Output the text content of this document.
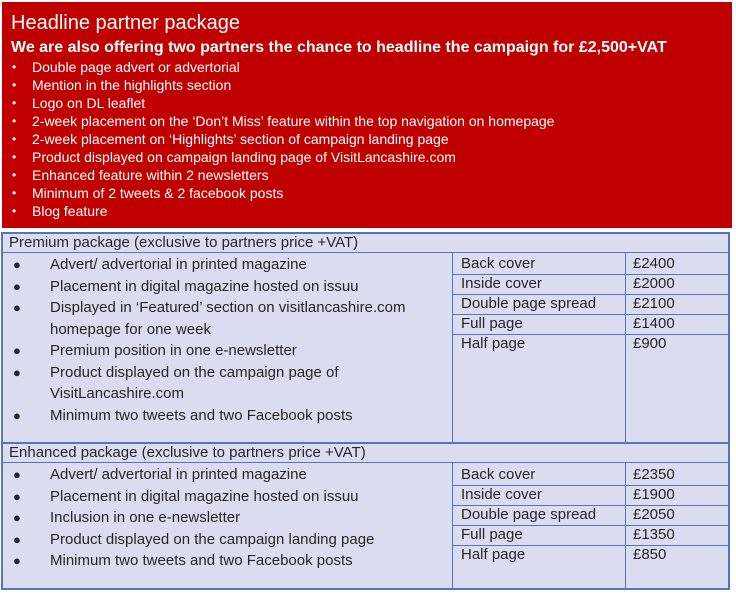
Headline partner package
We are also offering two partners the chance to headline the campaign for £2,500+VAT
• Double page advert or advertorial
• Mention in the highlights section
• Logo on DL leaflet
• 2-week placement on the ‘Don’t Miss’ feature within the top navigation on homepage
• 2-week placement on ‘Highlights’ section of campaign landing page
• Product displayed on campaign landing page of VisitLancashire.com
• Enhanced feature within 2 newsletters
• Minimum of 2 tweets & 2 facebook posts
• Blog feature
Premium package (exclusive to partners price +VAT)
● Advert/ advertorial in printed magazine
● Placement in digital magazine hosted on issuu
● Displayed in ‘Featured’ section on visitlancashire.com homepage for one week
● Premium position in one e-newsletter
● Product displayed on the campaign page of VisitLancashire.com
● Minimum two tweets and two Facebook posts
Back cover	£2400
Inside cover	£2000
Double page spread £2100
Full page	£1400
Half page	£900
Enhanced package (exclusive to partners price +VAT)
● Advert/ advertorial in printed magazine
● Placement in digital magazine hosted on issuu
● Inclusion in one e-newsletter
● Product displayed on the campaign landing page
● Minimum two tweets and two Facebook posts
Back cover	£2350
Inside cover	£1900
Double page spread £2050
Full page	£1350
Half page	£850
